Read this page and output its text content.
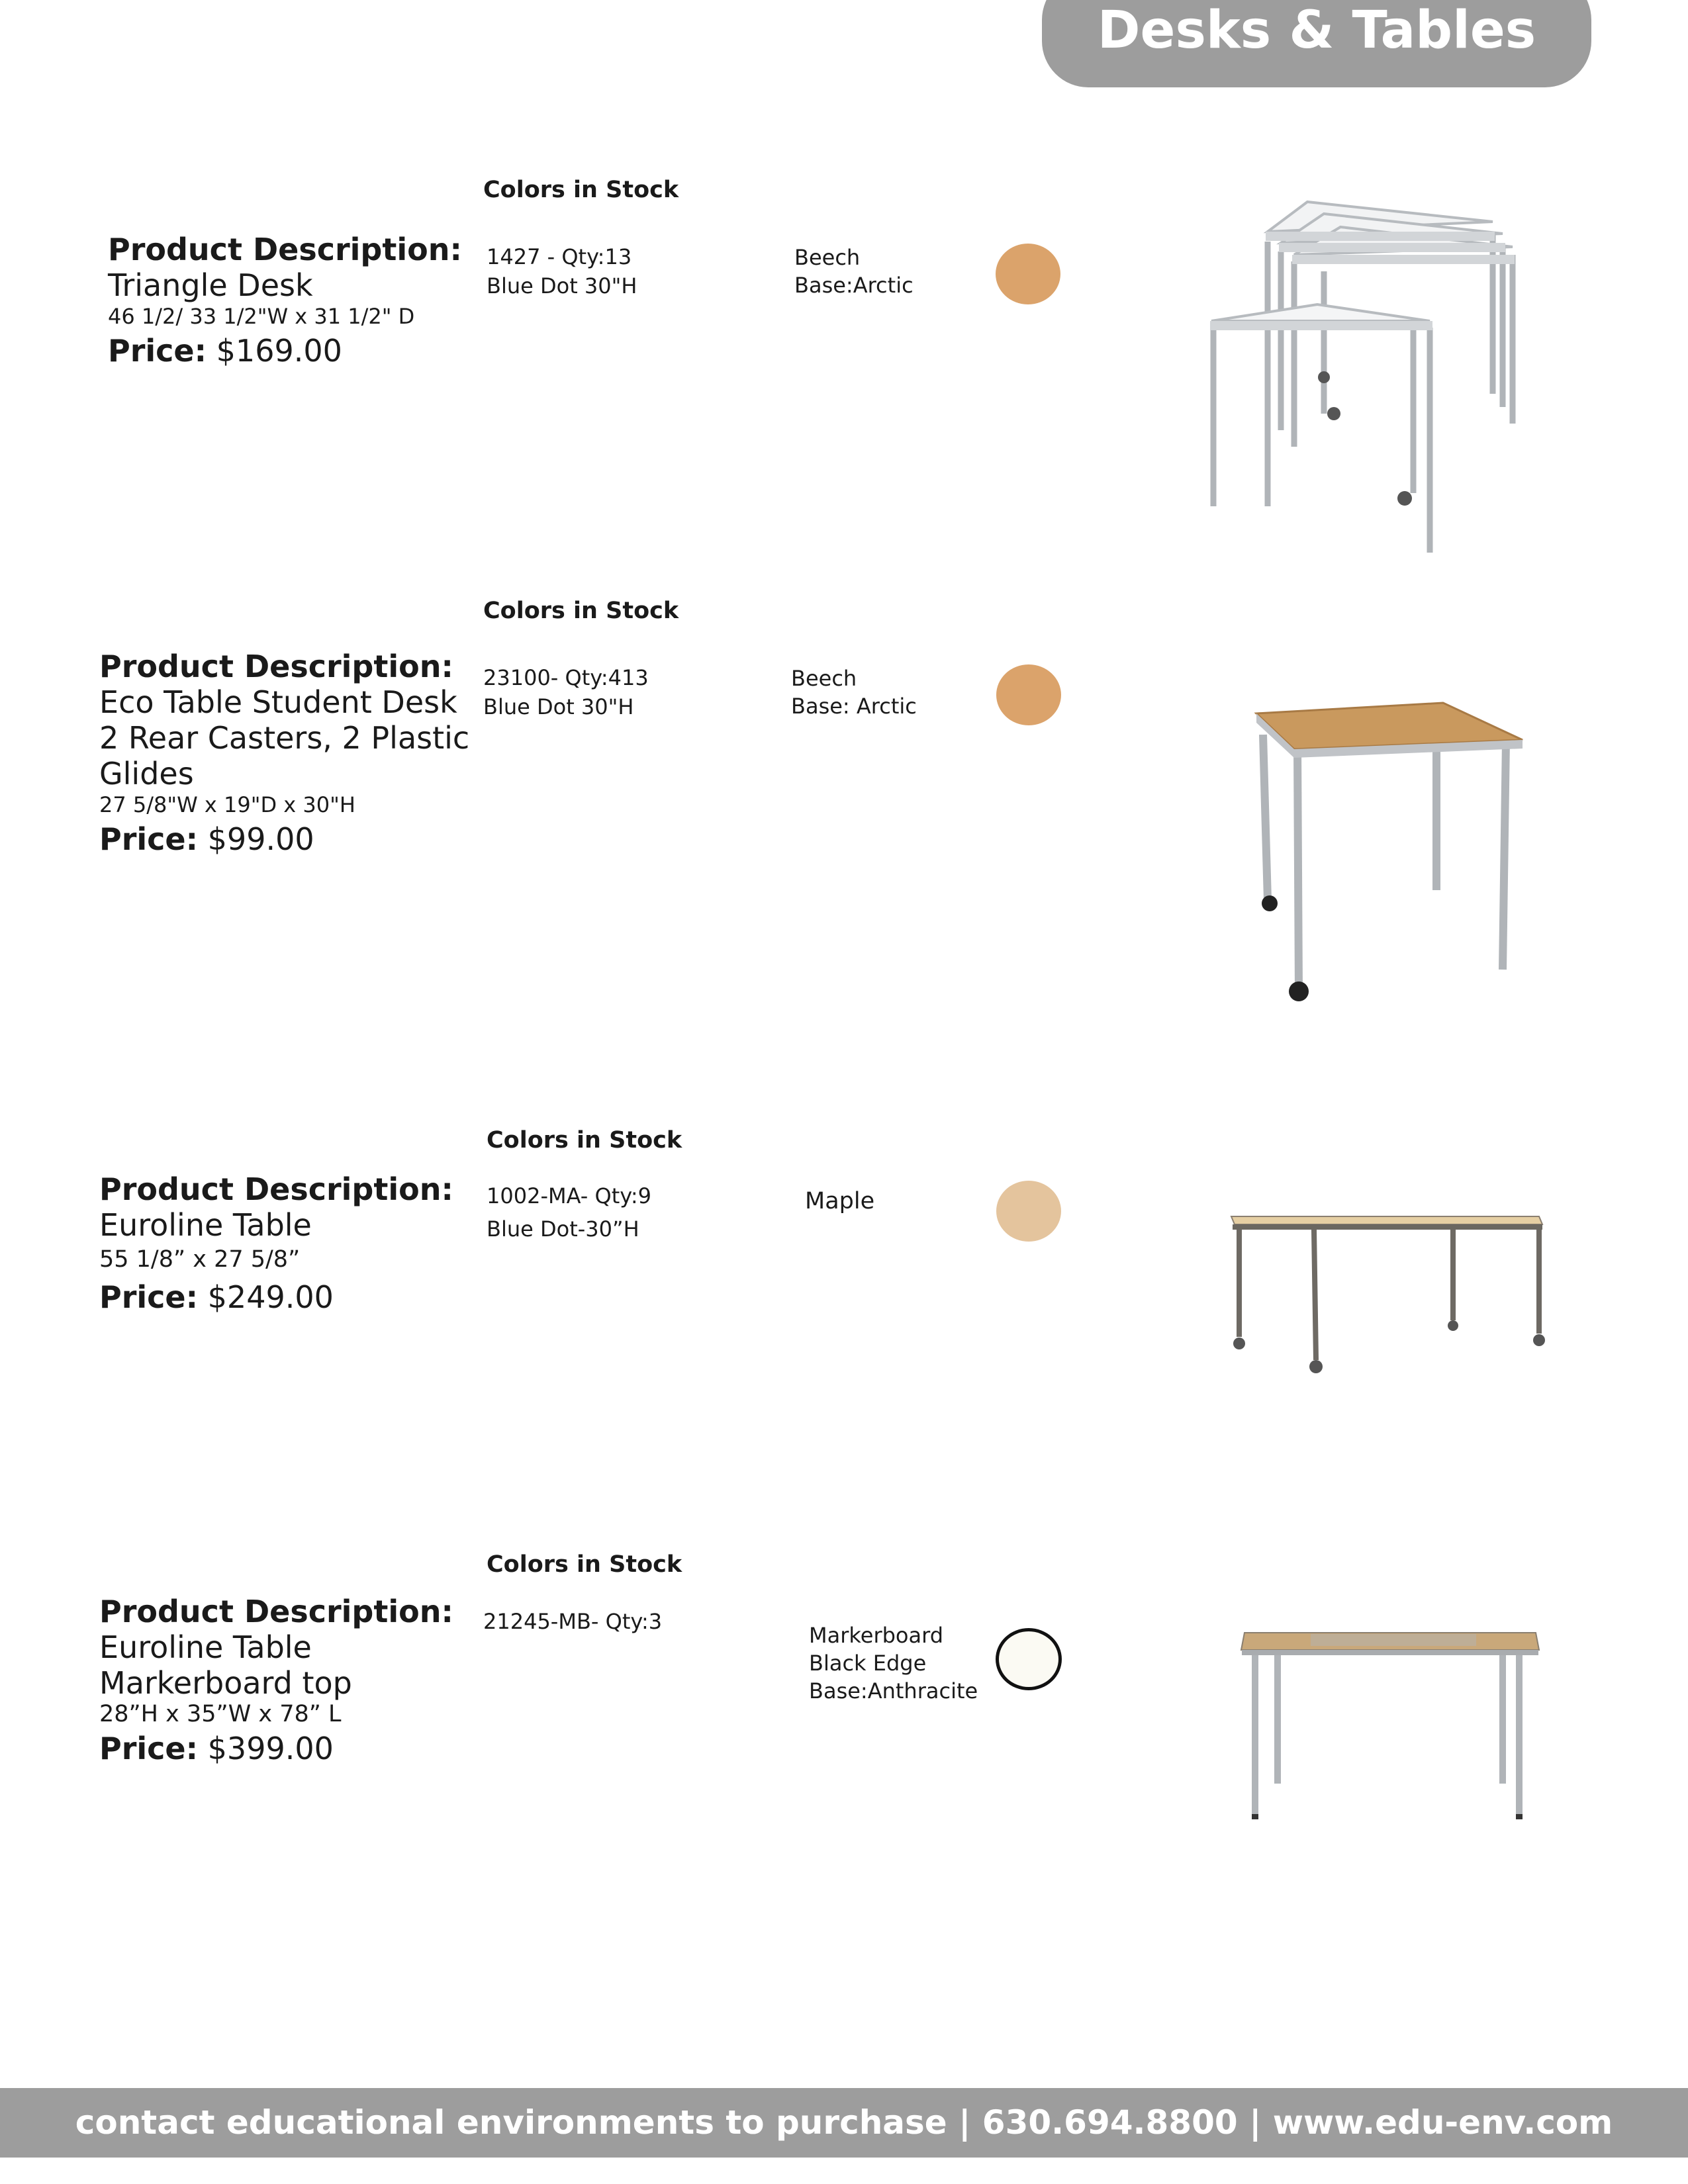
Desks & Tables
Colors in Stock
Product Description:
Triangle Desk
46 1/2/ 33 1/2"W x 31 1/2" D
Price: $169.00
1427 - Qty:13
Blue Dot 30"H
Beech
Base:Arctic
Colors in Stock
Product Description:
Eco Table Student Desk
2 Rear Casters, 2 Plastic
Glides
27 5/8"W x 19"D x 30"H
Price: $99.00
23100- Qty:413
Blue Dot 30"H
Beech
Base: Arctic
Colors in Stock
Product Description:
Euroline Table
55 1/8” x 27 5/8”
Price: $249.00
1002-MA- Qty:9
Blue Dot-30”H
Maple
Colors in Stock
Product Description:
Euroline Table
Markerboard top
28”H x 35”W x 78” L
Price: $399.00
21245-MB- Qty:3
Markerboard
Black Edge
Base:Anthracite
contact educational environments to purchase | 630.694.8800 | www.edu-env.com
